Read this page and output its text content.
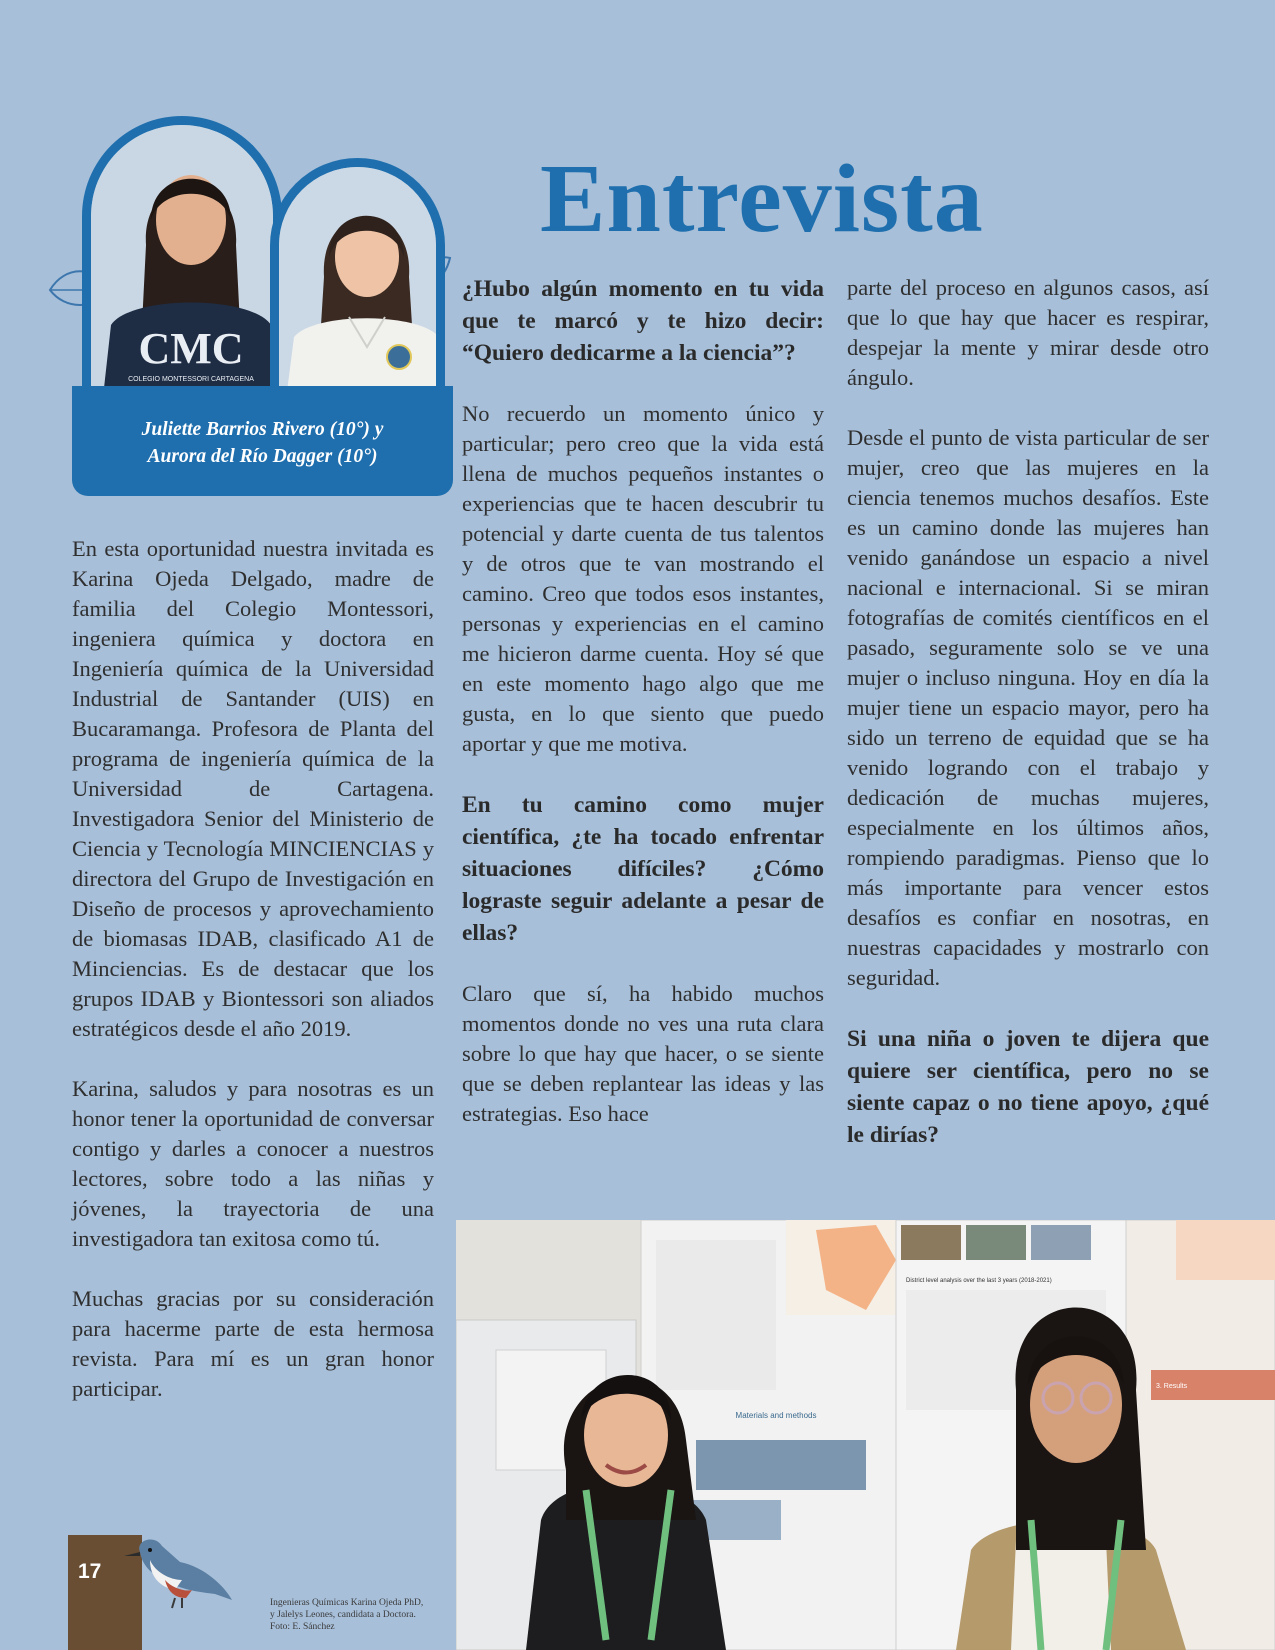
CMC
COLEGIO MONTESSORI CARTAGENA
Juliette Barrios Rivero (10°) y
Aurora del Río Dagger (10°)
Entrevista

En esta oportunidad nuestra invitada es Karina Ojeda Delgado, madre de familia del Colegio Montessori, ingeniera química y doctora en Ingeniería química de la Universidad Industrial de Santander (UIS) en Bucaramanga. Profesora de Planta del programa de ingeniería química de la Universidad de Cartagena. Investigadora Senior del Ministerio de Ciencia y Tecnología MINCIENCIAS y directora del Grupo de Investigación en Diseño de procesos y aprovechamiento de biomasas IDAB, clasificado A1 de Minciencias. Es de destacar que los grupos IDAB y Biontessori son aliados estratégicos desde el año 2019.

Karina, saludos y para nosotras es un honor tener la oportunidad de conversar contigo y darles a conocer a nuestros lectores, sobre todo a las niñas y jóvenes, la trayectoria de una investigadora tan exitosa como tú.

Muchas gracias por su consideración para hacerme parte de esta hermosa revista. Para mí es un gran honor participar.

¿Hubo algún momento en tu vida que te marcó y te hizo decir: “Quiero dedicarme a la ciencia”?

No recuerdo un momento único y particular; pero creo que la vida está llena de muchos pequeños instantes o experiencias que te hacen descubrir tu potencial y darte cuenta de tus talentos y de otros que te van mostrando el camino. Creo que todos esos instantes, personas y experiencias en el camino me hicieron darme cuenta. Hoy sé que en este momento hago algo que me gusta, en lo que siento que puedo aportar y que me motiva.

En tu camino como mujer científica, ¿te ha tocado enfrentar situaciones difíciles? ¿Cómo lograste seguir adelante a pesar de ellas?

Claro que sí, ha habido muchos momentos donde no ves una ruta clara sobre lo que hay que hacer, o se siente que se deben replantear las ideas y las estrategias. Eso hace

parte del proceso en algunos casos, así que lo que hay que hacer es respirar, despejar la mente y mirar desde otro ángulo.

Desde el punto de vista particular de ser mujer, creo que las mujeres en la ciencia tenemos muchos desafíos. Este es un camino donde las mujeres han venido ganándose un espacio a nivel nacional e internacional. Si se miran fotografías de comités científicos en el pasado, seguramente solo se ve una mujer o incluso ninguna. Hoy en día la mujer tiene un espacio mayor, pero ha sido un terreno de equidad que se ha venido logrando con el trabajo y dedicación de muchas mujeres, especialmente en los últimos años, rompiendo paradigmas. Pienso que lo más importante para vencer estos desafíos es confiar en nosotras, en nuestras capacidades y mostrarlo con seguridad.

Si una niña o joven te dijera que quiere ser científica, pero no se siente capaz o no tiene apoyo, ¿qué le dirías?

Materials and methods
District level analysis over the last 3 years (2018-2021)
3. Results
17
Ingenieras Químicas Karina Ojeda PhD,
y Jalelys Leones, candidata a Doctora.
Foto: E. Sánchez
